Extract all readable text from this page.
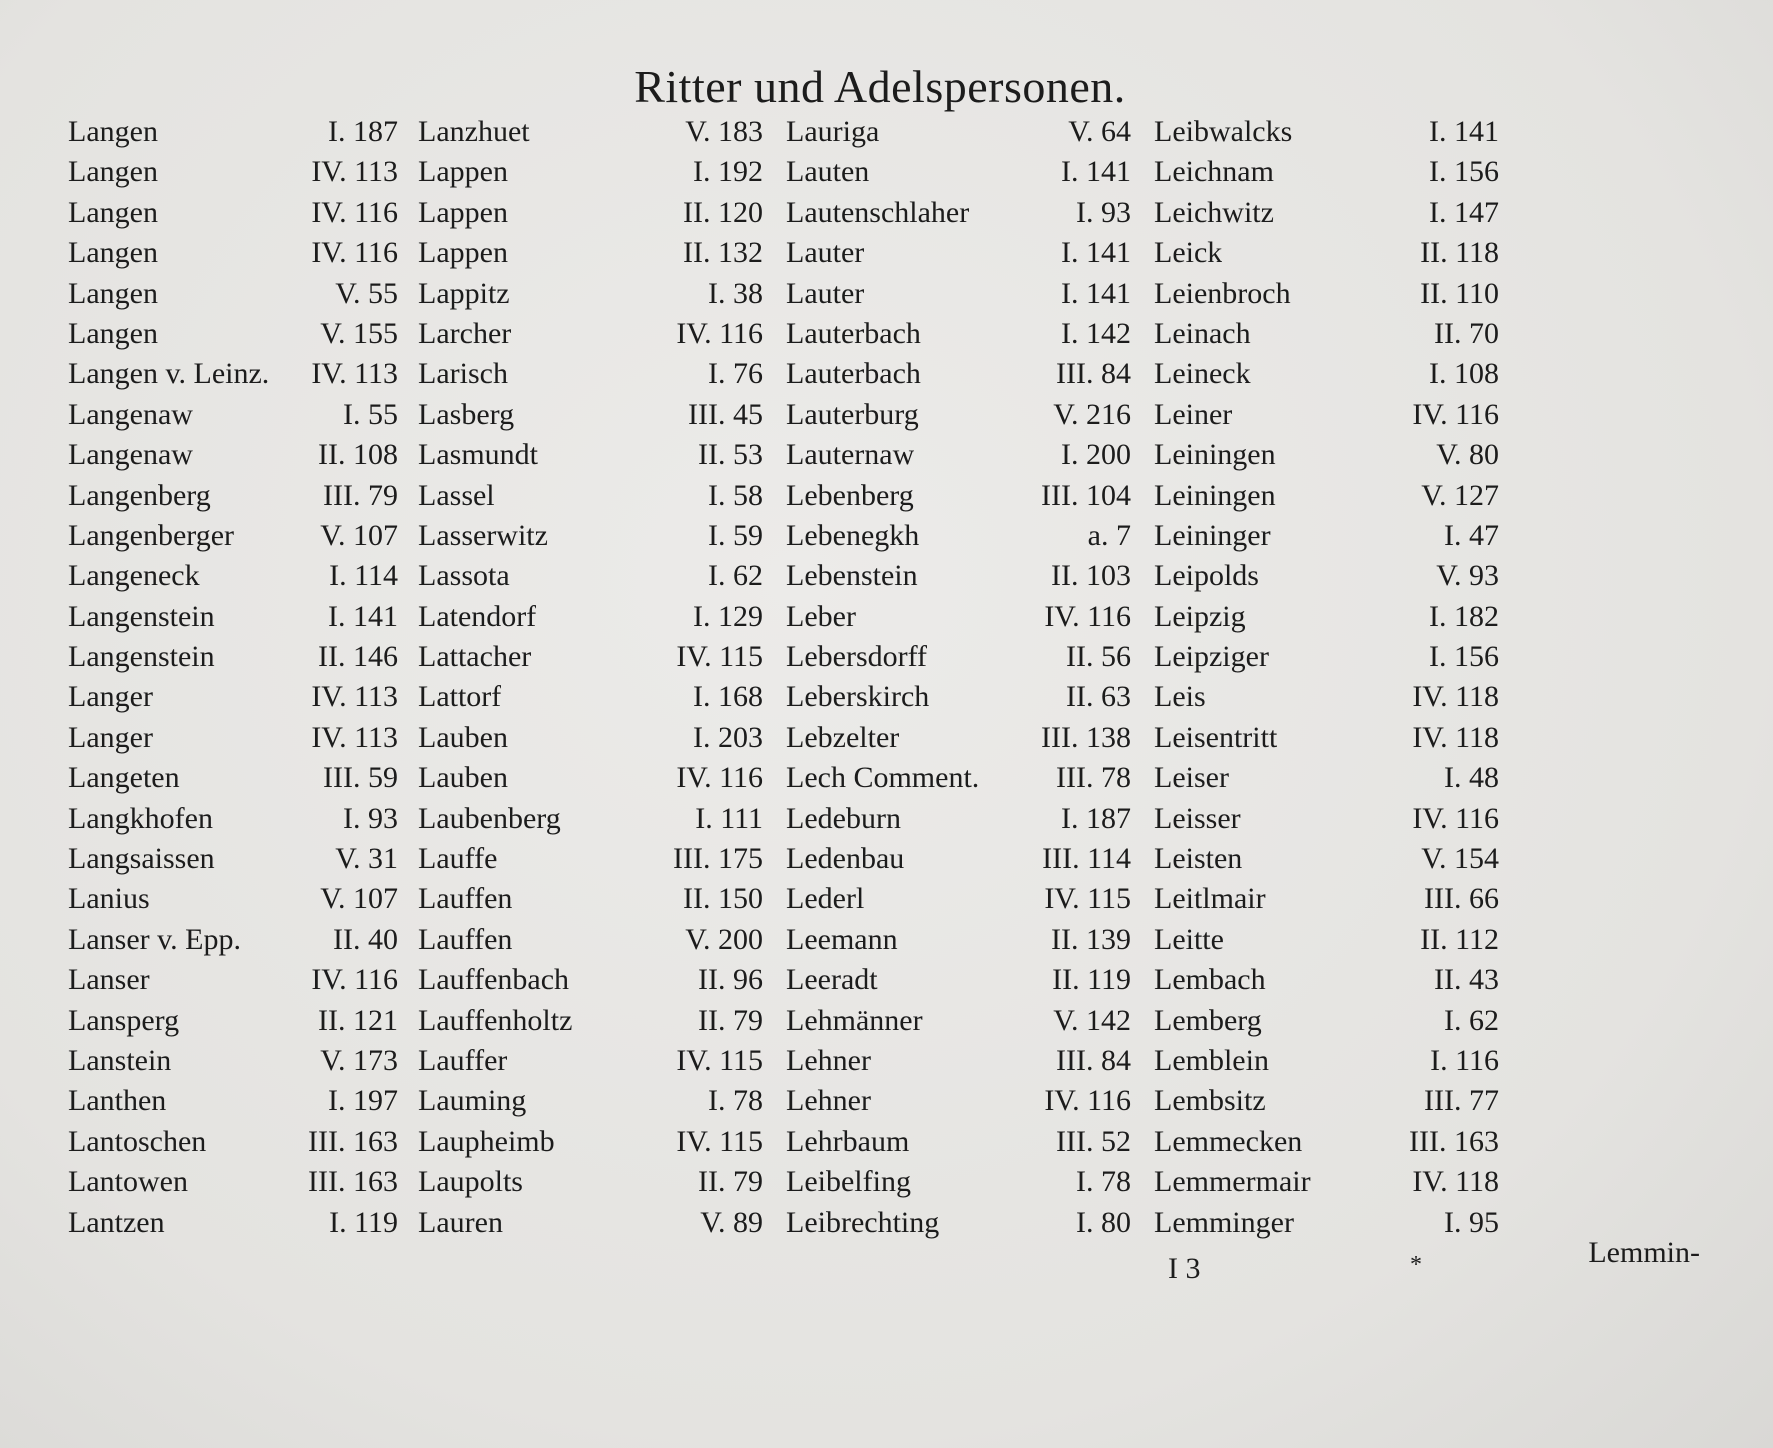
Ritter und Adelspersonen.
Langen	I. 187
Langen	IV. 113
Langen	IV. 116
Langen	IV. 116
Langen	V. 55
Langen	V. 155
Langen v. Leinz. IV. 113
Langenaw	I. 55
Langenaw	II. 108
Langenberg	III. 79
Langenberger	V. 107
Langeneck	I. 114
Langenstein	I. 141
Langenstein	II. 146
Langer	IV. 113
Langer	IV. 113
Langeten	III. 59
Langkhofen	I. 93
Langsaissen	V. 31
Lanius	V. 107
Lanser v. Epp.	II. 40
Lanser	IV. 116
Lansperg	II. 121
Lanstein	V. 173
Lanthen	I. 197
Lantoschen	III. 163
Lantowen	III. 163
Lantzen	I. 119
Lanzhuet	V. 183
Lappen	I. 192
Lappen	II. 120
Lappen	II. 132
Lappitz	I. 38
Larcher	IV. 116
Larisch	I. 76
Lasberg	III. 45
Lasmundt	II. 53
Lassel	I. 58
Lasserwitz	I. 59
Lassota	I. 62
Latendorf	I. 129
Lattacher	IV. 115
Lattorf	I. 168
Lauben	I. 203
Lauben	IV. 116
Laubenberg	I. 111
Lauffe	III. 175
Lauffen	II. 150
Lauffen	V. 200
Lauffenbach	II. 96
Lauffenholtz	II. 79
Lauffer	IV. 115
Lauming	I. 78
Laupheimb	IV. 115
Laupolts	II. 79
Lauren	V. 89
Lauriga	V. 64
Lauten	I. 141
Lautenschlaher	I. 93
Lauter	I. 141
Lauter	I. 141
Lauterbach	I. 142
Lauterbach	III. 84
Lauterburg	V. 216
Lauternaw	I. 200
Lebenberg	III. 104
Lebenegkh	a. 7
Lebenstein	II. 103
Leber	IV. 116
Lebersdorff	II. 56
Leberskirch	II. 63
Lebzelter	III. 138
Lech Comment.	III. 78
Ledeburn	I. 187
Ledenbau	III. 114
Lederl	IV. 115
Leemann	II. 139
Leeradt	II. 119
Lehmänner	V. 142
Lehner	III. 84
Lehner	IV. 116
Lehrbaum	III. 52
Leibelfing	I. 78
Leibrechting	I. 80
Leibwalcks	I. 141
Leichnam	I. 156
Leichwitz	I. 147
Leick	II. 118
Leienbroch	II. 110
Leinach	II. 70
Leineck	I. 108
Leiner	IV. 116
Leiningen	V. 80
Leiningen	V. 127
Leininger	I. 47
Leipolds	V. 93
Leipzig	I. 182
Leipziger	I. 156
Leis	IV. 118
Leisentritt	IV. 118
Leiser	I. 48
Leisser	IV. 116
Leisten	V. 154
Leitlmair	III. 66
Leitte	II. 112
Lembach	II. 43
Lemberg	I. 62
Lemblein	I. 116
Lembsitz	III. 77
Lemmecken	III. 163
Lemmermair	IV. 118
Lemminger	I. 95
I 3	*	Lemmin-
